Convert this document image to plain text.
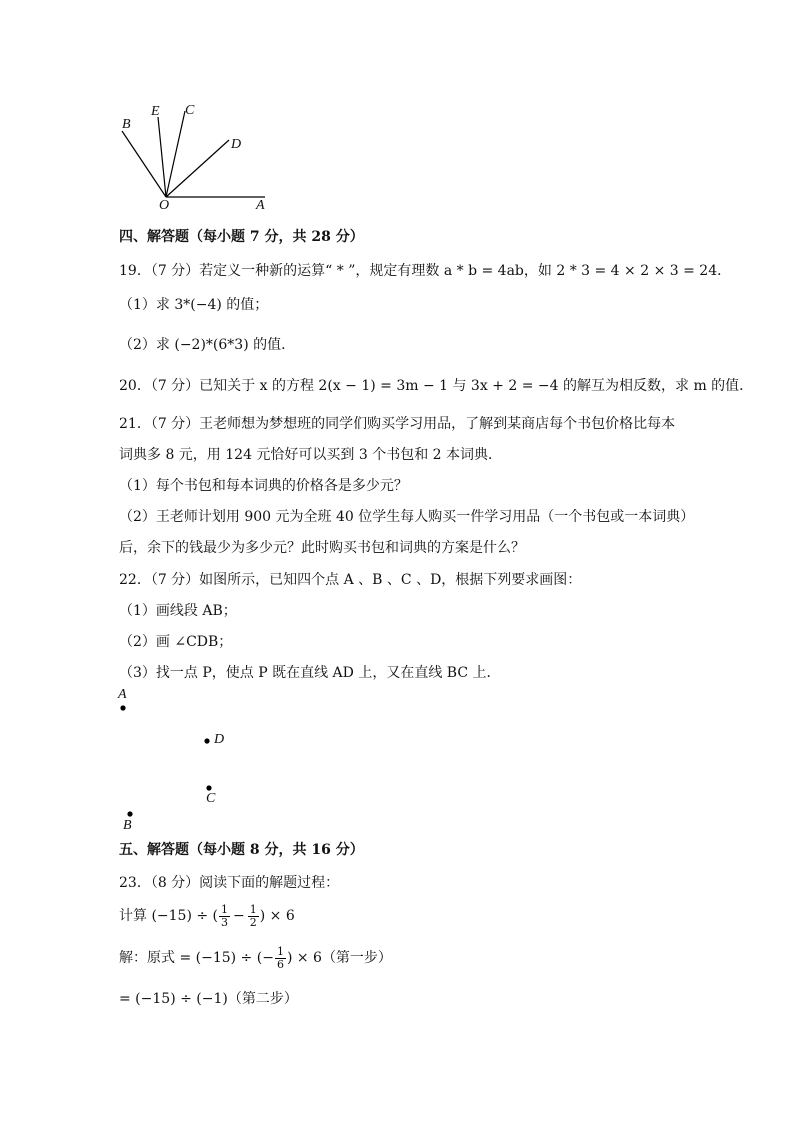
B
E C
D
O	A
四、解答题（每小题 7 分，共 28 分）
19．（7 分）若定义一种新的运算“ * ”，规定有理数 a * b = 4ab，如 2 * 3 = 4 × 2 × 3 = 24．
（1）求 3*(−4) 的值；
（2）求 (−2)*(6*3) 的值．
20．（7 分）已知关于 x 的方程 2(x − 1) = 3m − 1 与 3x + 2 = −4 的解互为相反数，求 m 的值．
21．（7 分）王老师想为梦想班的同学们购买学习用品，了解到某商店每个书包价格比每本
词典多 8 元，用 124 元恰好可以买到 3 个书包和 2 本词典．
（1）每个书包和每本词典的价格各是多少元？
（2）王老师计划用 900 元为全班 40 位学生每人购买一件学习用品（一个书包或一本词典）
后，余下的钱最少为多少元？此时购买书包和词典的方案是什么？
22．（7 分）如图所示，已知四个点 A 、B 、C 、D，根据下列要求画图：
（1）画线段 AB；
（2）画 ∠CDB；
（3）找一点 P，使点 P 既在直线 AD 上，又在直线 BC 上．
A
D
C
B
五、解答题（每小题 8 分，共 16 分）
23．（8 分）阅读下面的解题过程：
计算 (−15) ÷ ( $\frac{1}{3} - \frac{1}{2}$ ) × 6
解：原式 = (−15) ÷ (− $\frac{1}{6}$ ) × 6（第一步）
= (−15) ÷ (−1)（第二步）
